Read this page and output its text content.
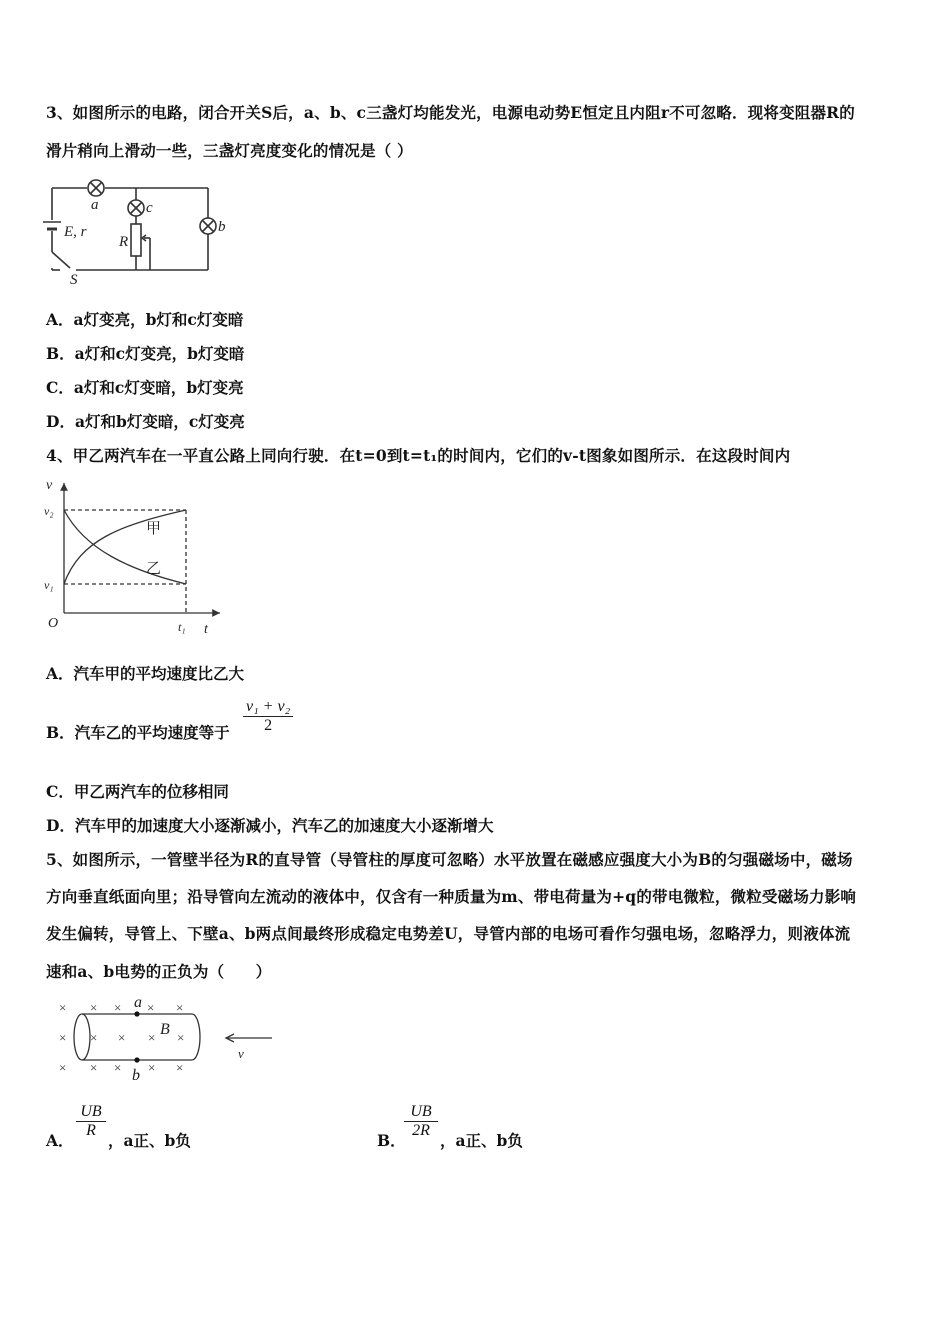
3、如图所示的电路，闭合开关S后，a、b、c三盏灯均能发光，电源电动势E恒定且内阻r不可忽略．现将变阻器R的
滑片稍向上滑动一些，三盏灯亮度变化的情况是（ ）
a	c
b
E, r
R
S
A．a灯变亮，b灯和c灯变暗
B．a灯和c灯变亮，b灯变暗
C．a灯和c灯变暗，b灯变亮
D．a灯和b灯变暗，c灯变亮
4、甲乙两汽车在一平直公路上同向行驶．在t=0到t=t₁的时间内，它们的v-t图象如图所示．在这段时间内
v
t
O
v₂
v₁
t₁
甲
乙
A．汽车甲的平均速度比乙大
B．汽车乙的平均速度等于
v₁ + v₂
2
C．甲乙两汽车的位移相同
D．汽车甲的加速度大小逐渐减小，汽车乙的加速度大小逐渐增大
5、如图所示，一管壁半径为R的直导管（导管柱的厚度可忽略）水平放置在磁感应强度大小为B的匀强磁场中，磁场
方向垂直纸面向里；沿导管向左流动的液体中，仅含有一种质量为m、带电荷量为+q的带电微粒，微粒受磁场力影响
发生偏转，导管上、下壁a、b两点间最终形成稳定电势差U，导管内部的电场可看作匀强电场，忽略浮力，则液体流
速和a、b电势的正负为（　　）
× × × × ×
× × × × ×
× × × × ×
a
b
B
v
A．
UB
R
，a正、b负	B．
UB
2R
，a正、b负
